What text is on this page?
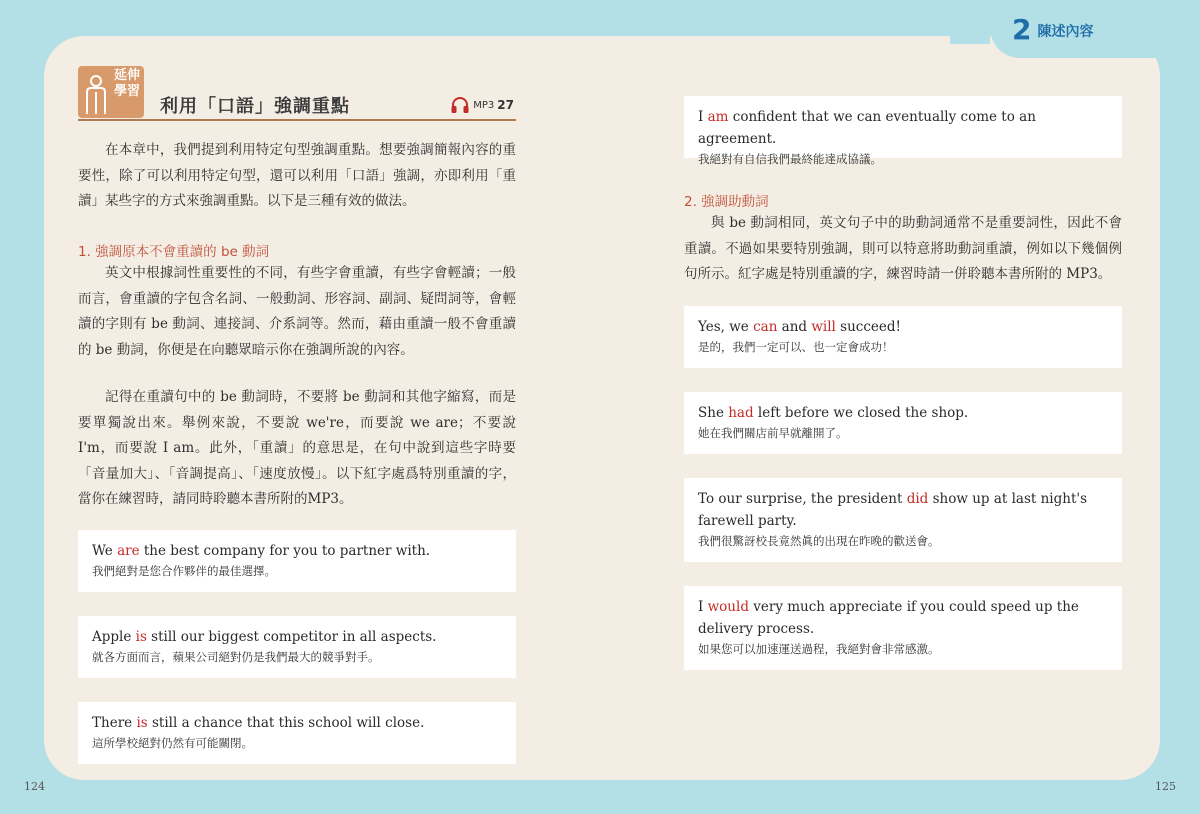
2 陳述內容
延伸
學習
利用「口語」強調重點	MP3 27

在本章中，我們提到利用特定句型強調重點。想要強調簡報內容的重要性，除了可以利用特定句型，還可以利用「口語」強調，亦即利用「重讀」某些字的方式來強調重點。以下是三種有效的做法。

1. 強調原本不會重讀的 be 動詞

英文中根據詞性重要性的不同，有些字會重讀，有些字會輕讀；一般而言，會重讀的字包含名詞、一般動詞、形容詞、副詞、疑問詞等，會輕讀的字則有 be 動詞、連接詞、介系詞等。然而，藉由重讀一般不會重讀的 be 動詞，你便是在向聽眾暗示你在強調所說的內容。

記得在重讀句中的 be 動詞時，不要將 be 動詞和其他字縮寫，而是要單獨說出來。舉例來說，不要說 we're，而要說 we are；不要說 I'm，而要說 I am。此外，「重讀」的意思是，在句中說到這些字時要「音量加大」、「音調提高」、「速度放慢」。以下紅字處爲特別重讀的字，當你在練習時，請同時聆聽本書所附的MP3。

We are the best company for you to partner with.
我們絕對是您合作夥伴的最佳選擇。
Apple is still our biggest competitor in all aspects.
就各方面而言，蘋果公司絕對仍是我們最大的競爭對手。
There is still a chance that this school will close.
這所學校絕對仍然有可能關閉。
I am confident that we can eventually come to an agreement.
我絕對有自信我們最終能達成協議。
2. 強調助動詞

與 be 動詞相同，英文句子中的助動詞通常不是重要詞性，因此不會重讀。不過如果要特別強調，則可以特意將助動詞重讀，例如以下幾個例句所示。紅字處是特別重讀的字，練習時請一併聆聽本書所附的 MP3。

Yes, we can and will succeed!
是的，我們一定可以、也一定會成功！
She had left before we closed the shop.
她在我們關店前早就離開了。
To our surprise, the president did show up at last night's farewell party.
我們很驚訝校長竟然眞的出現在昨晚的歡送會。
I would very much appreciate if you could speed up the delivery process.
如果您可以加速運送過程，我絕對會非常感激。
124	125
